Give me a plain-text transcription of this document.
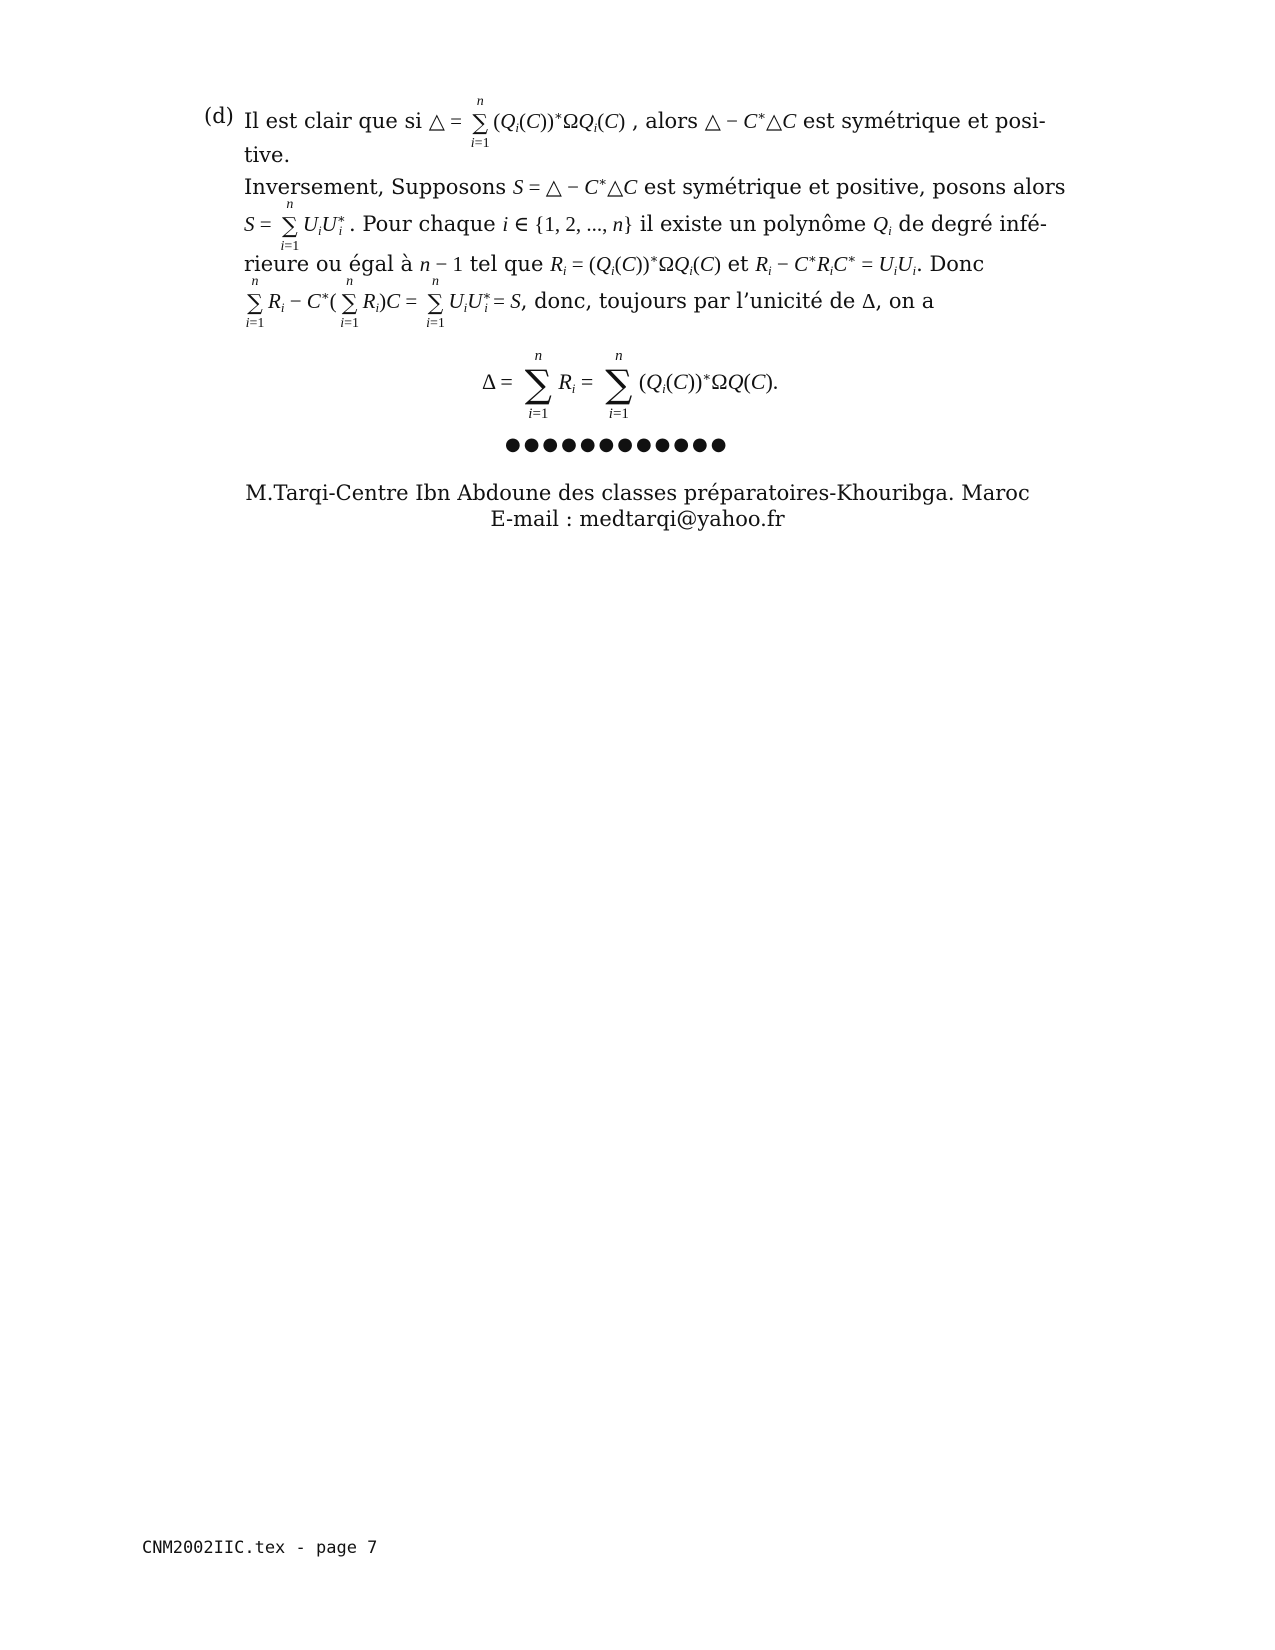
(d) Il est clair que si △ =
n
∑
i=1
$(Q_i(C))^∗\Omega Q_i(C)$ , alors △ − C∗△C est symétrique et posi-
tive.
Inversement, Supposons S = △ − C∗△C est symétrique et positive, posons alors
S =
n
∑
i=1
$U_iU^∗_i$ . Pour chaque i ∈ {1, 2, ..., n} il existe un polynôme $Q_i$ de degré infé-
rieure ou égal à n − 1 tel que $R_i = (Q_i(C))^∗\Omega Q_i(C)$ et $R_i - C^∗R_iC^∗ = U_iU_i$. Donc
n
∑
i=1
$R_i - C^∗$(
n
∑
i=1
$R_i)C$ =
n
∑
i=1
$U_iU^∗_i = S$, donc, toujours par l’unicité de Δ, on a
Δ =
n
∑
i=1
$R_i$ =
n
∑
i=1
$(Q_i(C))^∗\Omega Q(C)$.
●●●●●●●●●●●●
M.Tarqi-Centre Ibn Abdoune des classes préparatoires-Khouribga. Maroc
E-mail : medtarqi@yahoo.fr
CNM2002IIC.tex - page 7
